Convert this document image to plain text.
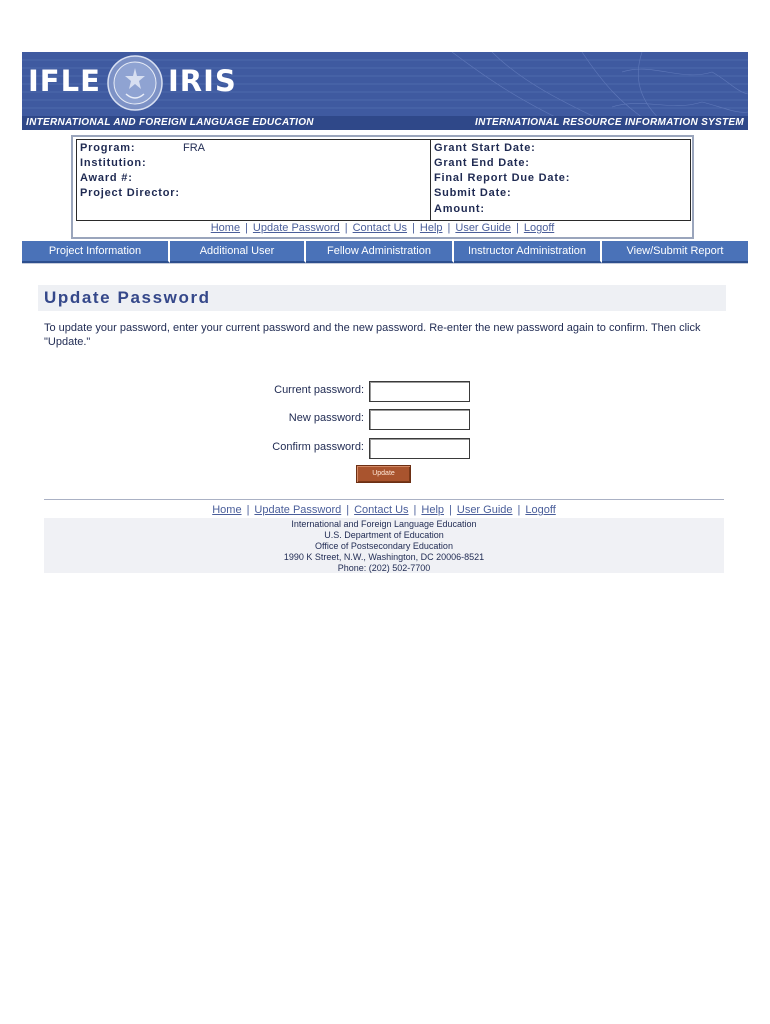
IFLE IRIS
INTERNATIONAL AND FOREIGN LANGUAGE EDUCATION	INTERNATIONAL RESOURCE INFORMATION SYSTEM
Program:	FRA
Institution:
Award #:
Project Director:
Grant Start Date:
Grant End Date:
Final Report Due Date:
Submit Date:
Amount:
Home | Update Password | Contact Us | Help | User Guide | Logoff
Project Information	Additional User	Fellow Administration	Instructor Administration	View/Submit Report
Update Password
To update your password, enter your current password and the new password. Re-enter the new password again to confirm. Then click "Update."
Current password:
New password:
Confirm password:
Update
Home | Update Password | Contact Us | Help | User Guide | Logoff
International and Foreign Language Education
U.S. Department of Education
Office of Postsecondary Education
1990 K Street, N.W., Washington, DC 20006-8521
Phone: (202) 502-7700
